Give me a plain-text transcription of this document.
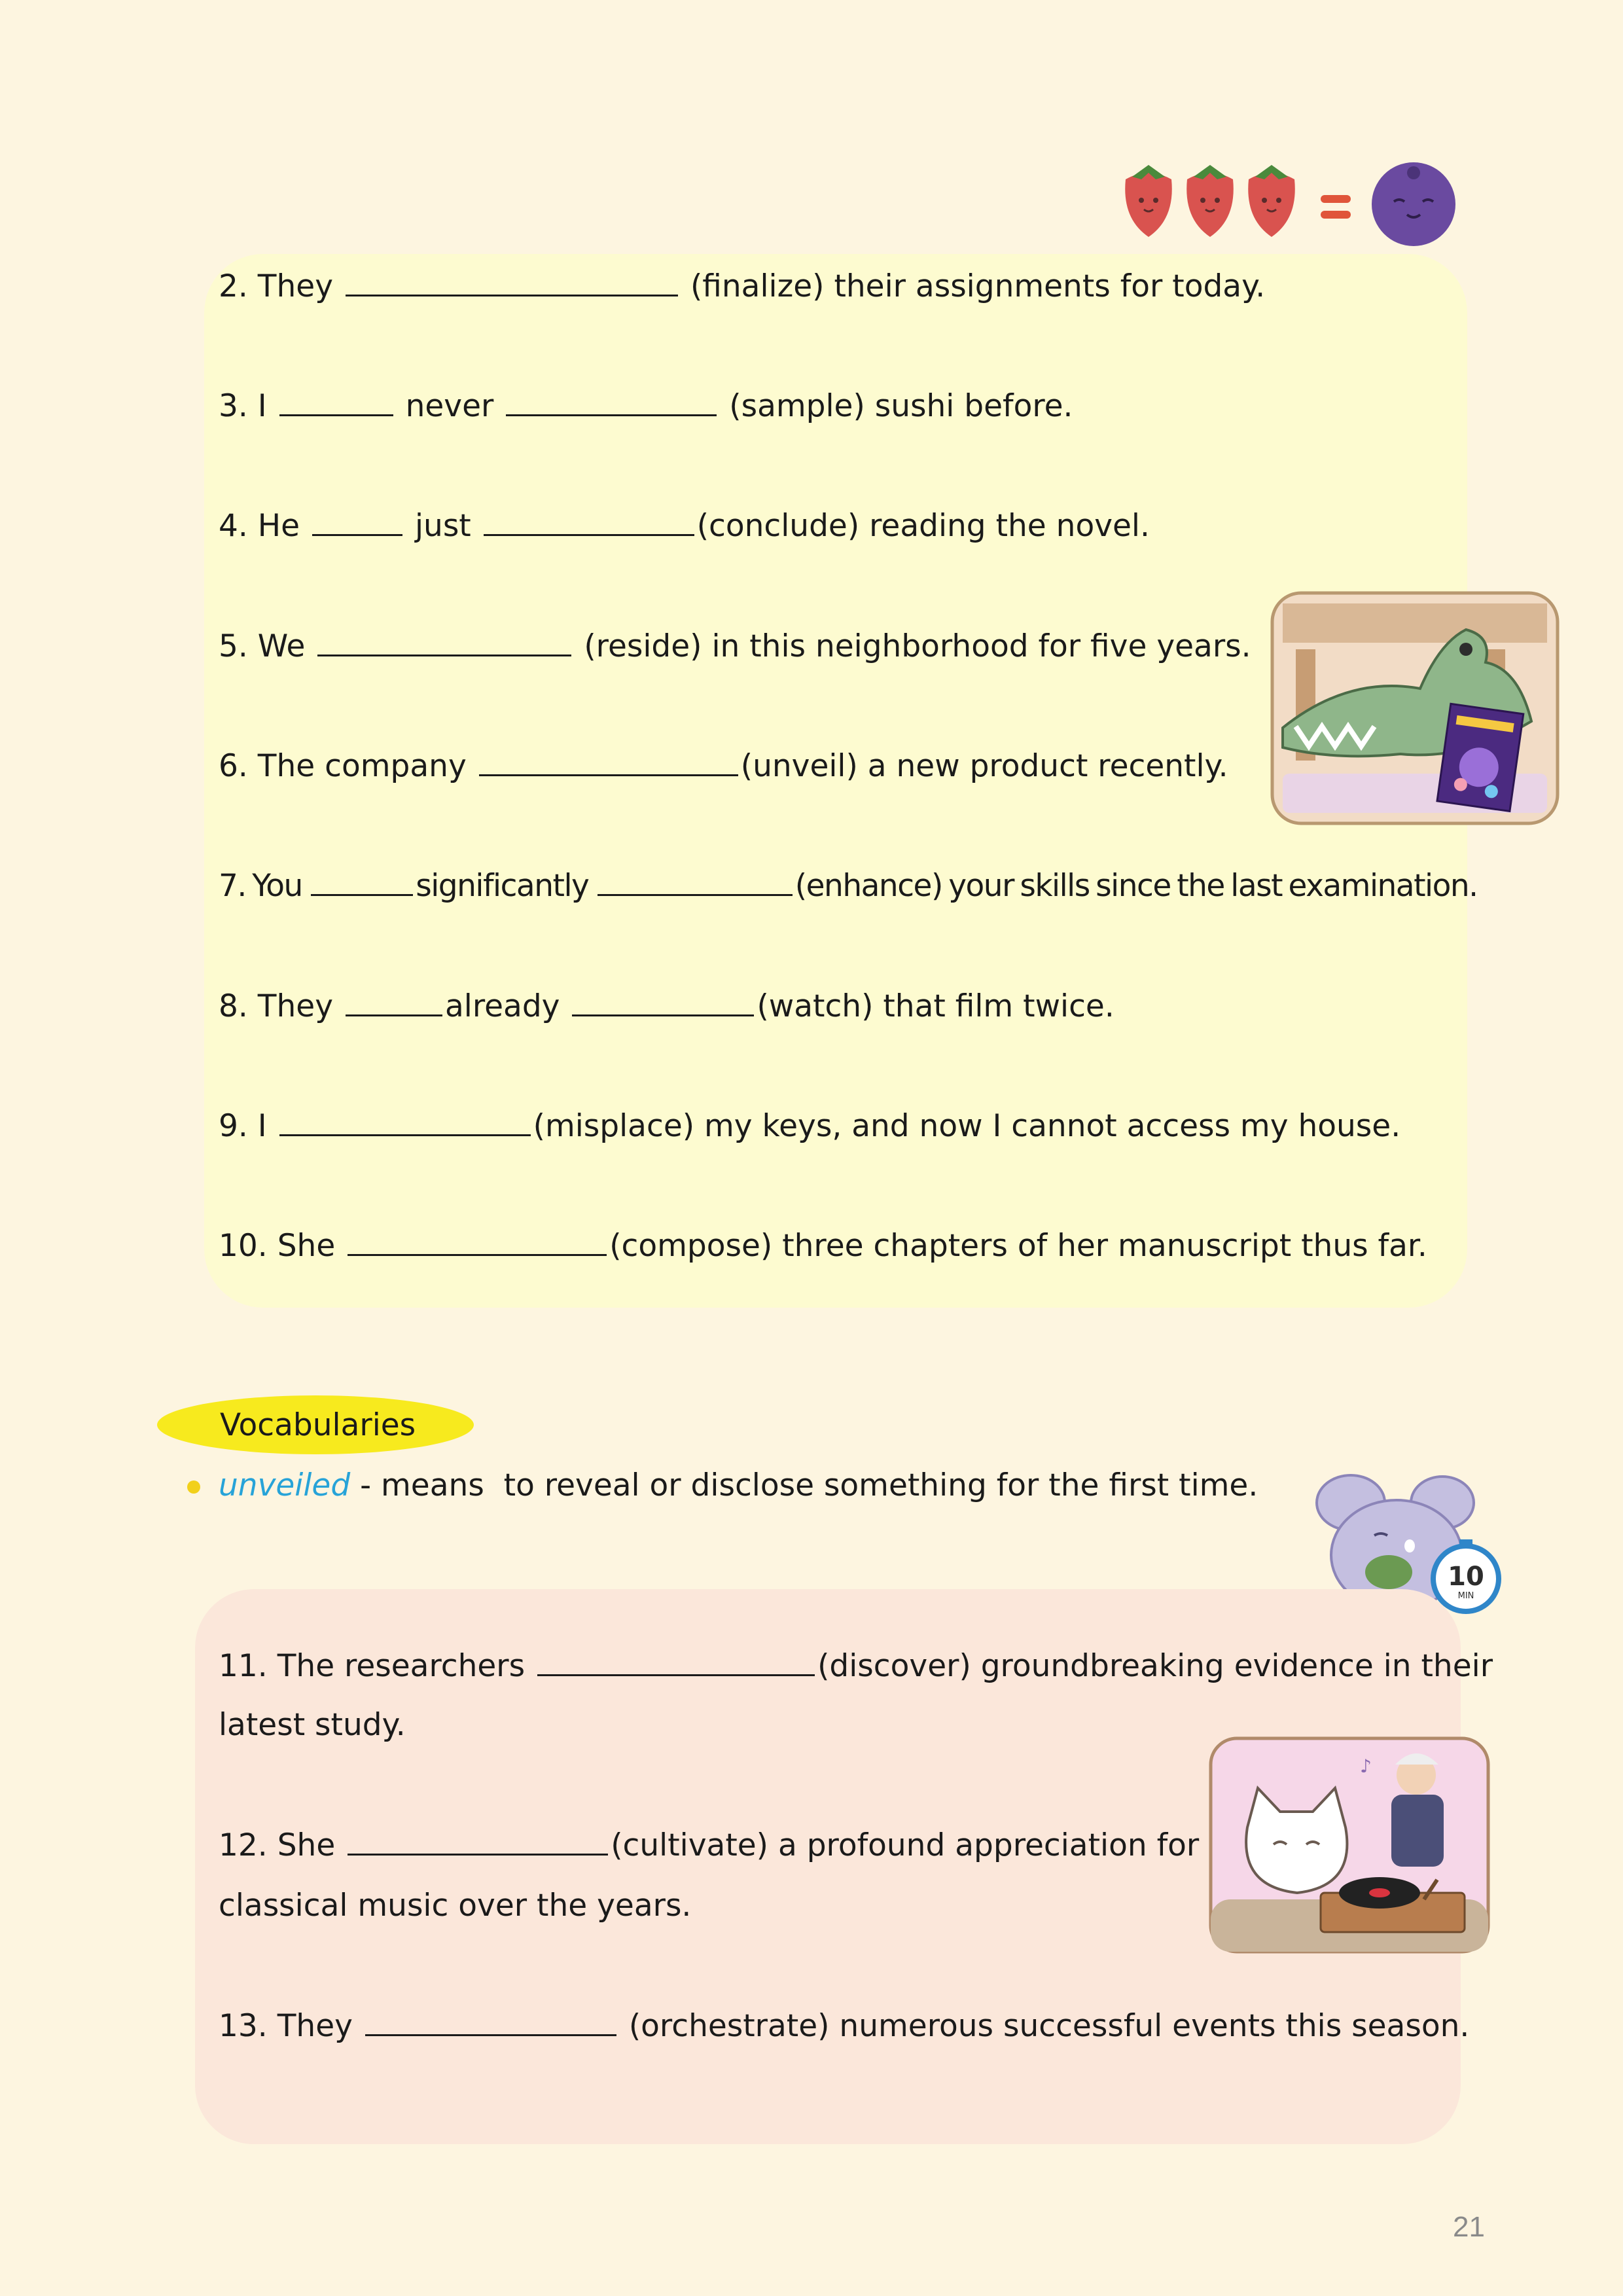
2. They	(finalize) their assignments for today.
3. I	never	(sample) sushi before.
4. He	just	(conclude) reading the novel.
5. We	(reside) in this neighborhood for five years.
6. The company	(unveil) a new product recently.
7. You	significantly	(enhance) your skills since the last examination.
8. They	already	(watch) that film twice.
9. I	(misplace) my keys, and now I cannot access my house.
10. She	(compose) three chapters of her manuscript thus far.
Vocabularies
unveiled - means  to reveal or disclose something for the first time.
10
MIN
11. The researchers	(discover) groundbreaking evidence in their
latest study.
12. She	(cultivate) a profound appreciation for
classical music over the years.
13. They	(orchestrate) numerous successful events this season.
♪
21
